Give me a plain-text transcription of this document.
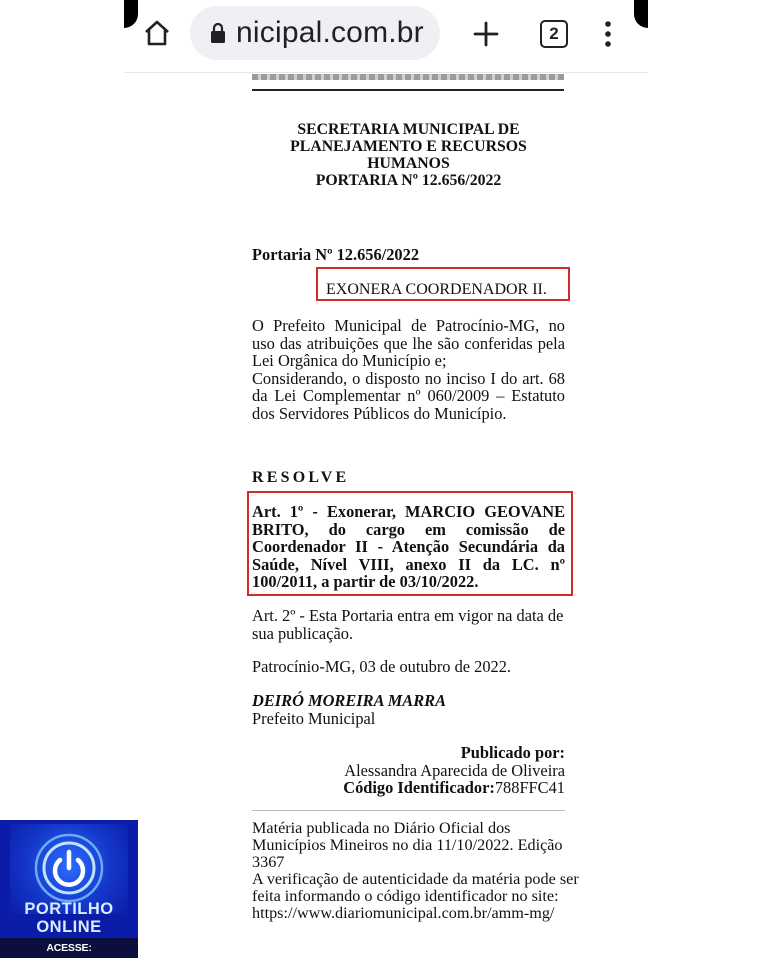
nicipal.com.br	2
SECRETARIA MUNICIPAL DE
PLANEJAMENTO E RECURSOS
HUMANOS
PORTARIA Nº 12.656/2022
Portaria Nº 12.656/2022
EXONERA COORDENADOR II.
O Prefeito Municipal de Patrocínio-MG, no uso das atribuições que lhe são conferidas pela Lei Orgânica do Município e;
Considerando, o disposto no inciso I do art. 68 da Lei Complementar nº 060/2009 – Estatuto dos Servidores Públicos do Município.
RESOLVE
Art. 1º - Exonerar, MARCIO GEOVANE BRITO, do cargo em comissão de Coordenador II - Atenção Secundária da Saúde, Nível VIII, anexo II da LC. nº 100/2011, a partir de 03/10/2022.
Art. 2º - Esta Portaria entra em vigor na data de sua publicação.
Patrocínio-MG, 03 de outubro de 2022.
DEIRÓ MOREIRA MARRA
Prefeito Municipal
Publicado por:
Alessandra Aparecida de Oliveira
Código Identificador:788FFC41
Matéria publicada no Diário Oficial dos Municípios Mineiros no dia 11/10/2022. Edição 3367
A verificação de autenticidade da matéria pode ser feita informando o código identificador no site: https://www.diariomunicipal.com.br/amm-mg/
PORTILHO
ONLINE
ACESSE: WWW.PORTILHO.ONLINE
